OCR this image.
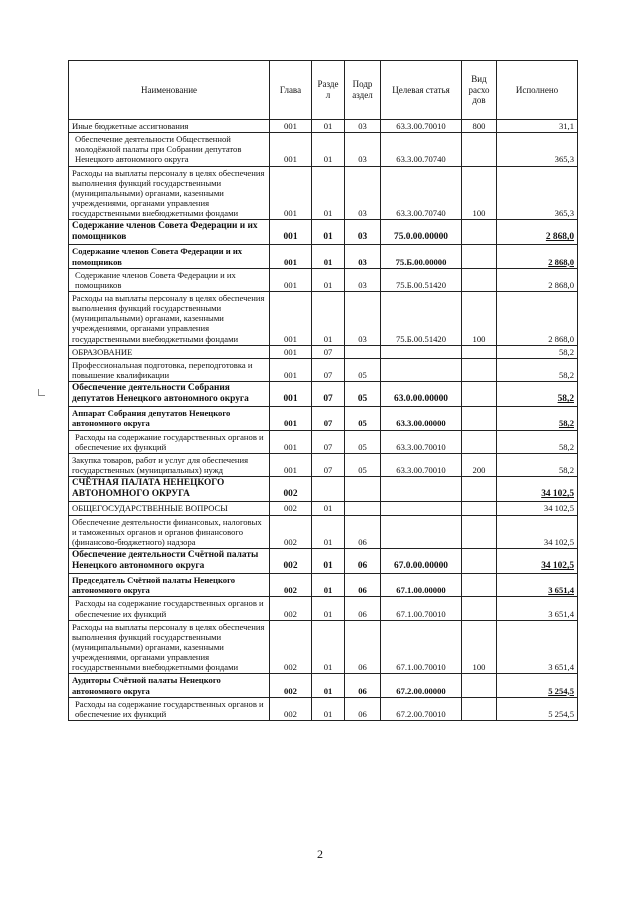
Наименование	Глава	Разде л	Подр аздел	Целевая статья	Вид расхо дов	Исполнено
Иные бюджетные ассигнования	001	01	03	63.3.00.70010	800	31,1
Обеспечение деятельности Общественной молодёжной палаты при Собрании депутатов Ненецкого автономного округа	001	01	03	63.3.00.70740		365,3
Расходы на выплаты персоналу в целях обеспечения выполнения функций государственными (муниципальными) органами, казенными учреждениями, органами управления государственными внебюджетными фондами	001	01	03	63.3.00.70740	100	365,3
Содержание членов Совета Федерации и их помощников	001	01	03	75.0.00.00000		2 868,0
Содержание членов Совета Федерации и их помощников	001	01	03	75.Б.00.00000		2 868,0
Содержание членов Совета Федерации и их помощников	001	01	03	75.Б.00.51420		2 868,0
Расходы на выплаты персоналу в целях обеспечения выполнения функций государственными (муниципальными) органами, казенными учреждениями, органами управления государственными внебюджетными фондами	001	01	03	75.Б.00.51420	100	2 868,0
ОБРАЗОВАНИЕ	001	07				58,2
Профессиональная подготовка, переподготовка и повышение квалификации	001	07	05			58,2
Обеспечение деятельности Собрания депутатов Ненецкого автономного округа	001	07	05	63.0.00.00000		58,2
Аппарат Собрания депутатов Ненецкого автономного округа	001	07	05	63.3.00.00000		58,2
Расходы на содержание государственных органов и обеспечение их функций	001	07	05	63.3.00.70010		58,2
Закупка товаров, работ и услуг для обеспечения государственных (муниципальных) нужд	001	07	05	63.3.00.70010	200	58,2
СЧЁТНАЯ ПАЛАТА НЕНЕЦКОГО АВТОНОМНОГО ОКРУГА	002					34 102,5
ОБЩЕГОСУДАРСТВЕННЫЕ ВОПРОСЫ	002	01				34 102,5
Обеспечение деятельности финансовых, налоговых и таможенных органов и органов финансового (финансово-бюджетного) надзора	002	01	06			34 102,5
Обеспечение деятельности Счётной палаты Ненецкого автономного округа	002	01	06	67.0.00.00000		34 102,5
Председатель Счётной палаты Ненецкого автономного округа	002	01	06	67.1.00.00000		3 651,4
Расходы на содержание государственных органов и обеспечение их функций	002	01	06	67.1.00.70010		3 651,4
Расходы на выплаты персоналу в целях обеспечения выполнения функций государственными (муниципальными) органами, казенными учреждениями, органами управления государственными внебюджетными фондами	002	01	06	67.1.00.70010	100	3 651,4
Аудиторы Счётной палаты Ненецкого автономного округа	002	01	06	67.2.00.00000		5 254,5
Расходы на содержание государственных органов и обеспечение их функций	002	01	06	67.2.00.70010		5 254,5
2
